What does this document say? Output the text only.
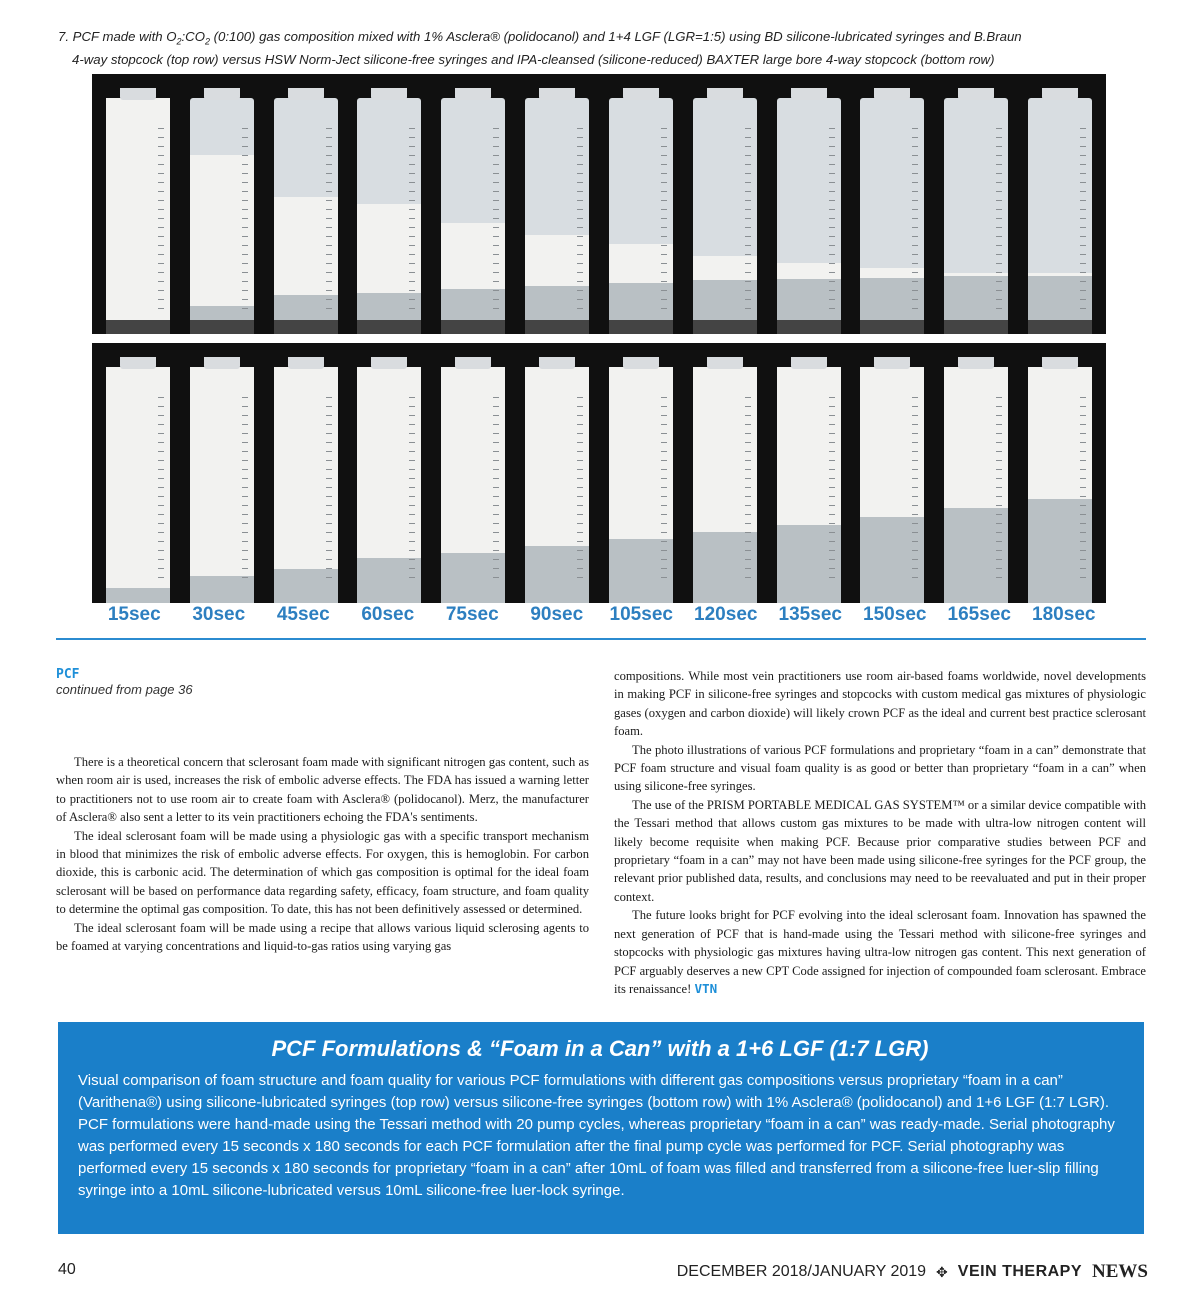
7. PCF made with $O_2:CO_2$ (0:100) gas composition mixed with 1% Asclera® (polidocanol) and 1+4 LGF (LGR=1:5) using BD silicone-lubricated syringes and B.Braun
4-way stopcock (top row) versus HSW Norm-Ject silicone-free syringes and IPA-cleansed (silicone-reduced) BAXTER large bore 4-way stopcock (bottom row)
15sec	30sec	45sec	60sec	75sec	90sec	105sec	120sec	135sec	150sec	165sec	180sec
PCF
continued from page 36

There is a theoretical concern that sclerosant foam made with significant nitrogen gas content, such as when room air is used, increases the risk of embolic adverse effects. The FDA has issued a warning letter to practitioners not to use room air to create foam with Asclera® (polidocanol). Merz, the manufacturer of Asclera® also sent a letter to its vein practitioners echoing the FDA's sentiments.

The ideal sclerosant foam will be made using a physiologic gas with a specific transport mechanism in blood that minimizes the risk of embolic adverse effects. For oxygen, this is hemoglobin. For carbon dioxide, this is carbonic acid. The determination of which gas composition is optimal for the ideal foam sclerosant will be based on performance data regarding safety, efficacy, foam structure, and foam quality to determine the optimal gas composition. To date, this has not been definitively assessed or determined.

The ideal sclerosant foam will be made using a recipe that allows various liquid sclerosing agents to be foamed at varying concentrations and liquid-to-gas ratios using varying gas

compositions. While most vein practitioners use room air-based foams worldwide, novel developments in making PCF in silicone-free syringes and stopcocks with custom medical gas mixtures of physiologic gases (oxygen and carbon dioxide) will likely crown PCF as the ideal and current best practice sclerosant foam.

The photo illustrations of various PCF formulations and proprietary “foam in a can” demonstrate that PCF foam structure and visual foam quality is as good or better than proprietary “foam in a can” when using silicone-free syringes.

The use of the PRISM PORTABLE MEDICAL GAS SYSTEM™ or a similar device compatible with the Tessari method that allows custom gas mixtures to be made with ultra-low nitrogen content will likely become requisite when making PCF. Because prior comparative studies between PCF and proprietary “foam in a can” may not have been made using silicone-free syringes for the PCF group, the relevant prior published data, results, and conclusions may need to be reevaluated and put in their proper context.

The future looks bright for PCF evolving into the ideal sclerosant foam. Innovation has spawned the next generation of PCF that is hand-made using the Tessari method with silicone-free syringes and stopcocks with physiologic gas mixtures having ultra-low nitrogen gas content. This next generation of PCF arguably deserves a new CPT Code assigned for injection of compounded foam sclerosant. Embrace its renaissance! VTN

PCF Formulations & “Foam in a Can” with a 1+6 LGF (1:7 LGR)

Visual comparison of foam structure and foam quality for various PCF formulations with different gas compositions versus proprietary “foam in a can” (Varithena®) using silicone-lubricated syringes (top row) versus silicone-free syringes (bottom row) with 1% Asclera® (polidocanol) and 1+6 LGF (1:7 LGR). PCF formulations were hand-made using the Tessari method with 20 pump cycles, whereas proprietary “foam in a can” was ready-made. Serial photography was performed every 15 seconds x 180 seconds for each PCF formulation after the final pump cycle was performed for PCF. Serial photography was performed every 15 seconds x 180 seconds for proprietary “foam in a can” after 10mL of foam was filled and transferred from a silicone-free luer-slip filling syringe into a 10mL silicone-lubricated versus 10mL silicone-free luer-lock syringe.

40	DECEMBER 2018/JANUARY 2019 ✥ VEIN THERAPY NEWS
